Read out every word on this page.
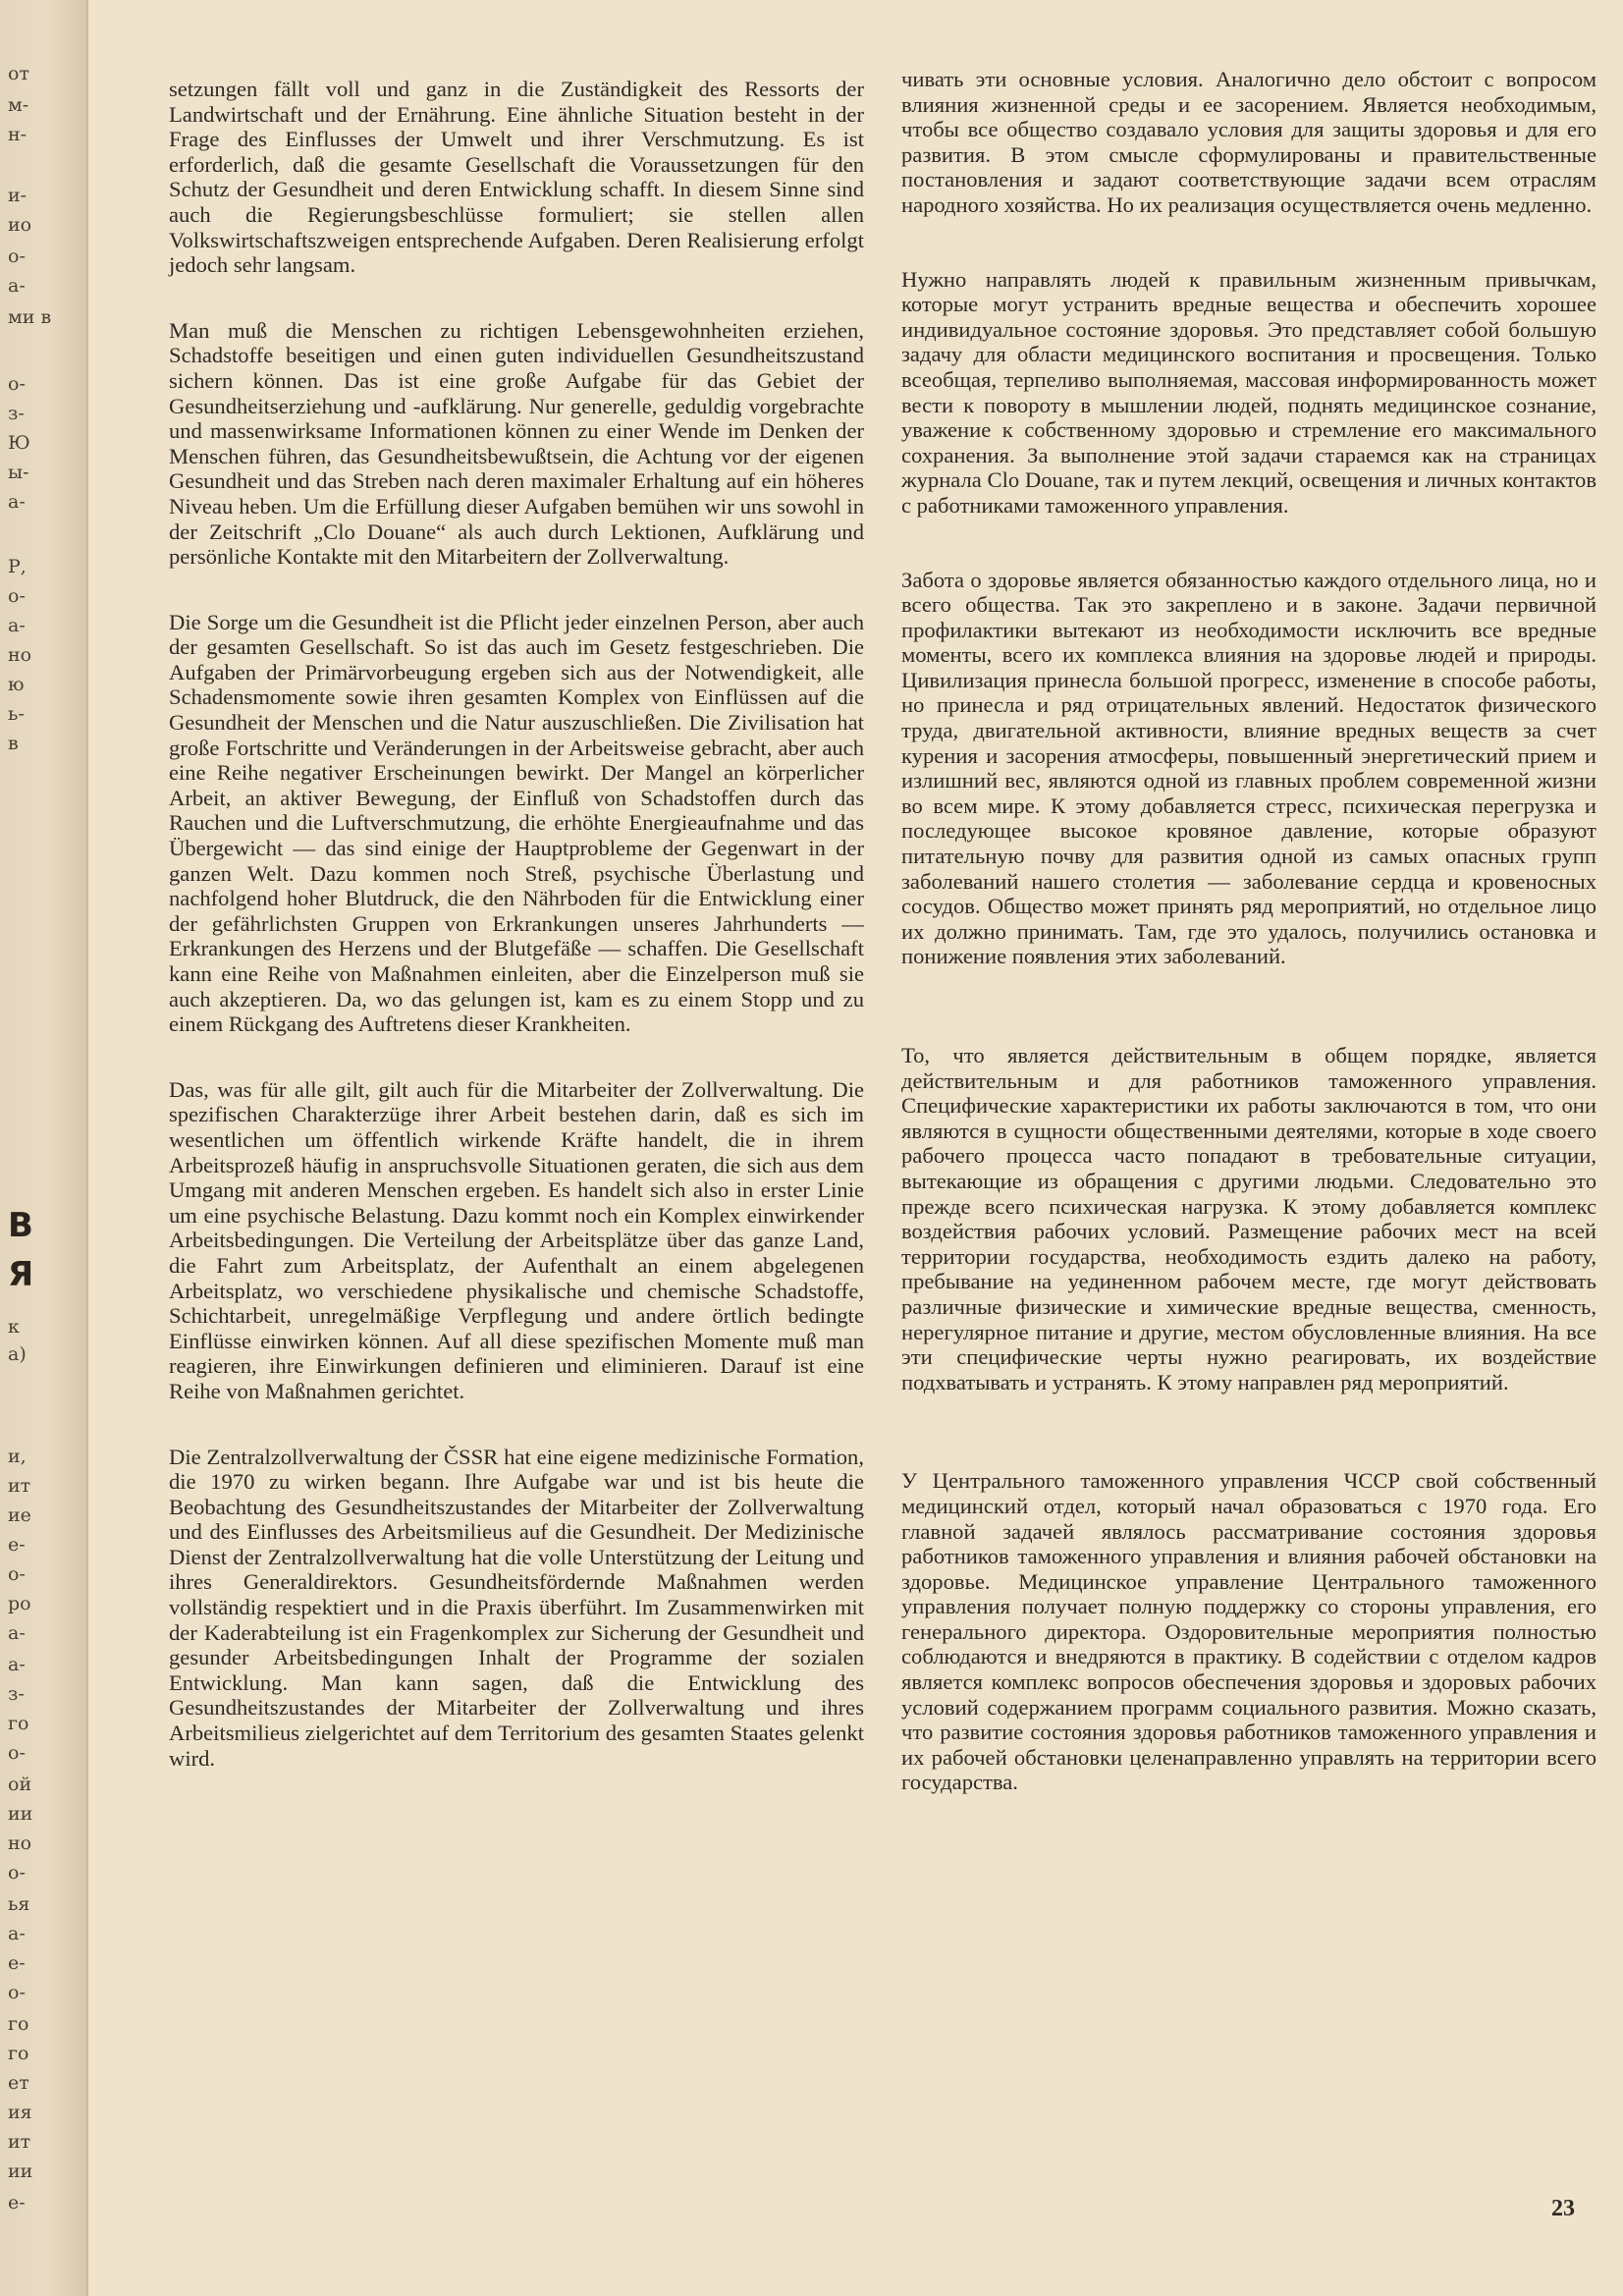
от
м-
н-
и-
ио
о-
а-
ми в
о-
з-
Ю
ы-
а-
Р,
о-
а-
но
ю
ь-
в
В
Я
к
а)
и,
ит
ие
е-
о-
ро
а-
а-
з-
го
о-
ой
ии
но
о-
ья
а-
е-
о-
го
го
ет
ия
ит
ии
е-

setzungen fällt voll und ganz in die Zuständigkeit des Ressorts der Landwirtschaft und der Ernährung. Eine ähnliche Situation besteht in der Frage des Einflusses der Umwelt und ihrer Verschmutzung. Es ist erforderlich, daß die gesamte Gesellschaft die Voraussetzungen für den Schutz der Gesundheit und deren Entwicklung schafft. In diesem Sinne sind auch die Regierungsbeschlüsse formuliert; sie stellen allen Volkswirtschaftszweigen entsprechende Aufgaben. Deren Realisierung erfolgt jedoch sehr langsam.

Man muß die Menschen zu richtigen Lebensgewohnheiten erziehen, Schadstoffe beseitigen und einen guten individuellen Gesundheitszustand sichern können. Das ist eine große Aufgabe für das Gebiet der Gesundheitserziehung und -aufklärung. Nur generelle, geduldig vorgebrachte und massenwirksame Informationen können zu einer Wende im Denken der Menschen führen, das Gesundheitsbewußtsein, die Achtung vor der eigenen Gesundheit und das Streben nach deren maximaler Erhaltung auf ein höheres Niveau heben. Um die Erfüllung dieser Aufgaben bemühen wir uns sowohl in der Zeitschrift „Clo Douane“ als auch durch Lektionen, Aufklärung und persönliche Kontakte mit den Mitarbeitern der Zollverwaltung.

Die Sorge um die Gesundheit ist die Pflicht jeder einzelnen Person, aber auch der gesamten Gesellschaft. So ist das auch im Gesetz festgeschrieben. Die Aufgaben der Primärvorbeugung ergeben sich aus der Notwendigkeit, alle Schadensmomente sowie ihren gesamten Komplex von Einflüssen auf die Gesundheit der Menschen und die Natur auszuschließen. Die Zivilisation hat große Fortschritte und Veränderungen in der Arbeitsweise gebracht, aber auch eine Reihe negativer Erscheinungen bewirkt. Der Mangel an körperlicher Arbeit, an aktiver Bewegung, der Einfluß von Schadstoffen durch das Rauchen und die Luftverschmutzung, die erhöhte Energieaufnahme und das Übergewicht — das sind einige der Hauptprobleme der Gegenwart in der ganzen Welt. Dazu kommen noch Streß, psychische Überlastung und nachfolgend hoher Blutdruck, die den Nährboden für die Entwicklung einer der gefährlichsten Gruppen von Erkrankungen unseres Jahrhunderts — Erkrankungen des Herzens und der Blutgefäße — schaffen. Die Gesellschaft kann eine Reihe von Maßnahmen einleiten, aber die Einzelperson muß sie auch akzeptieren. Da, wo das gelungen ist, kam es zu einem Stopp und zu einem Rückgang des Auftretens dieser Krankheiten.

Das, was für alle gilt, gilt auch für die Mitarbeiter der Zollverwaltung. Die spezifischen Charakterzüge ihrer Arbeit bestehen darin, daß es sich im wesentlichen um öffentlich wirkende Kräfte handelt, die in ihrem Arbeitsprozeß häufig in anspruchsvolle Situationen geraten, die sich aus dem Umgang mit anderen Menschen ergeben. Es handelt sich also in erster Linie um eine psychische Belastung. Dazu kommt noch ein Komplex einwirkender Arbeitsbedingungen. Die Verteilung der Arbeitsplätze über das ganze Land, die Fahrt zum Arbeitsplatz, der Aufenthalt an einem abgelegenen Arbeitsplatz, wo verschiedene physikalische und chemische Schadstoffe, Schichtarbeit, unregelmäßige Verpflegung und andere örtlich bedingte Einflüsse einwirken können. Auf all diese spezifischen Momente muß man reagieren, ihre Einwirkungen definieren und eliminieren. Darauf ist eine Reihe von Maßnahmen gerichtet.

Die Zentralzollverwaltung der ČSSR hat eine eigene medizinische Formation, die 1970 zu wirken begann. Ihre Aufgabe war und ist bis heute die Beobachtung des Gesundheitszustandes der Mitarbeiter der Zollverwaltung und des Einflusses des Arbeitsmilieus auf die Gesundheit. Der Medizinische Dienst der Zentralzollverwaltung hat die volle Unterstützung der Leitung und ihres Generaldirektors. Gesundheitsfördernde Maßnahmen werden vollständig respektiert und in die Praxis überführt. Im Zusammenwirken mit der Kaderabteilung ist ein Fragenkomplex zur Sicherung der Gesundheit und gesunder Arbeitsbedingungen Inhalt der Programme der sozialen Entwicklung. Man kann sagen, daß die Entwicklung des Gesundheitszustandes der Mitarbeiter der Zollverwaltung und ihres Arbeitsmilieus zielgerichtet auf dem Territorium des gesamten Staates gelenkt wird.

чивать эти основные условия. Аналогично дело обстоит с вопросом влияния жизненной среды и ее засорением. Является необходимым, чтобы все общество создавало условия для защиты здоровья и для его развития. В этом смысле сформулированы и правительственные постановления и задают соответствующие задачи всем отраслям народного хозяйства. Но их реализация осуществляется очень медленно.

Нужно направлять людей к правильным жизненным привычкам, которые могут устранить вредные вещества и обеспечить хорошее индивидуальное состояние здоровья. Это представляет собой большую задачу для области медицинского воспитания и просвещения. Только всеобщая, терпеливо выполняемая, массовая информированность может вести к повороту в мышлении людей, поднять медицинское сознание, уважение к собственному здоровью и стремление его максимального сохранения. За выполнение этой задачи стараемся как на страницах журнала Clo Douane, так и путем лекций, освещения и личных контактов с работниками таможенного управления.

Забота о здоровье является обязанностью каждого отдельного лица, но и всего общества. Так это закреплено и в законе. Задачи первичной профилактики вытекают из необходимости исключить все вредные моменты, всего их комплекса влияния на здоровье людей и природы. Цивилизация принесла большой прогресс, изменение в способе работы, но принесла и ряд отрицательных явлений. Недостаток физического труда, двигательной активности, влияние вредных веществ за счет курения и засорения атмосферы, повышенный энергетический прием и излишний вес, являются одной из главных проблем современной жизни во всем мире. К этому добавляется стресс, психическая перегрузка и последующее высокое кровяное давление, которые образуют питательную почву для развития одной из самых опасных групп заболеваний нашего столетия — заболевание сердца и кровеносных сосудов. Общество может принять ряд мероприятий, но отдельное лицо их должно принимать. Там, где это удалось, получились остановка и понижение появления этих заболеваний.

То, что является действительным в общем порядке, является действительным и для работников таможенного управления. Специфические характеристики их работы заключаются в том, что они являются в сущности общественными деятелями, которые в ходе своего рабочего процесса часто попадают в требовательные ситуации, вытекающие из обращения с другими людьми. Следовательно это прежде всего психическая нагрузка. К этому добавляется комплекс воздействия рабочих условий. Размещение рабочих мест на всей территории государства, необходимость ездить далеко на работу, пребывание на уединенном рабочем месте, где могут действовать различные физические и химические вредные вещества, сменность, нерегулярное питание и другие, местом обусловленные влияния. На все эти специфические черты нужно реагировать, их воздействие подхватывать и устранять. К этому направлен ряд мероприятий.

У Центрального таможенного управления ЧССР свой собственный медицинский отдел, который начал образоваться с 1970 года. Его главной задачей являлось рассматривание состояния здоровья работников таможенного управления и влияния рабочей обстановки на здоровье. Медицинское управление Центрального таможенного управления получает полную поддержку со стороны управления, его генерального директора. Оздоровительные мероприятия полностью соблюдаются и внедряются в практику. В содействии с отделом кадров является комплекс вопросов обеспечения здоровья и здоровых рабочих условий содержанием программ социального развития. Можно сказать, что развитие состояния здоровья работников таможенного управления и их рабочей обстановки целенаправленно управлять на территории всего государства.

23
